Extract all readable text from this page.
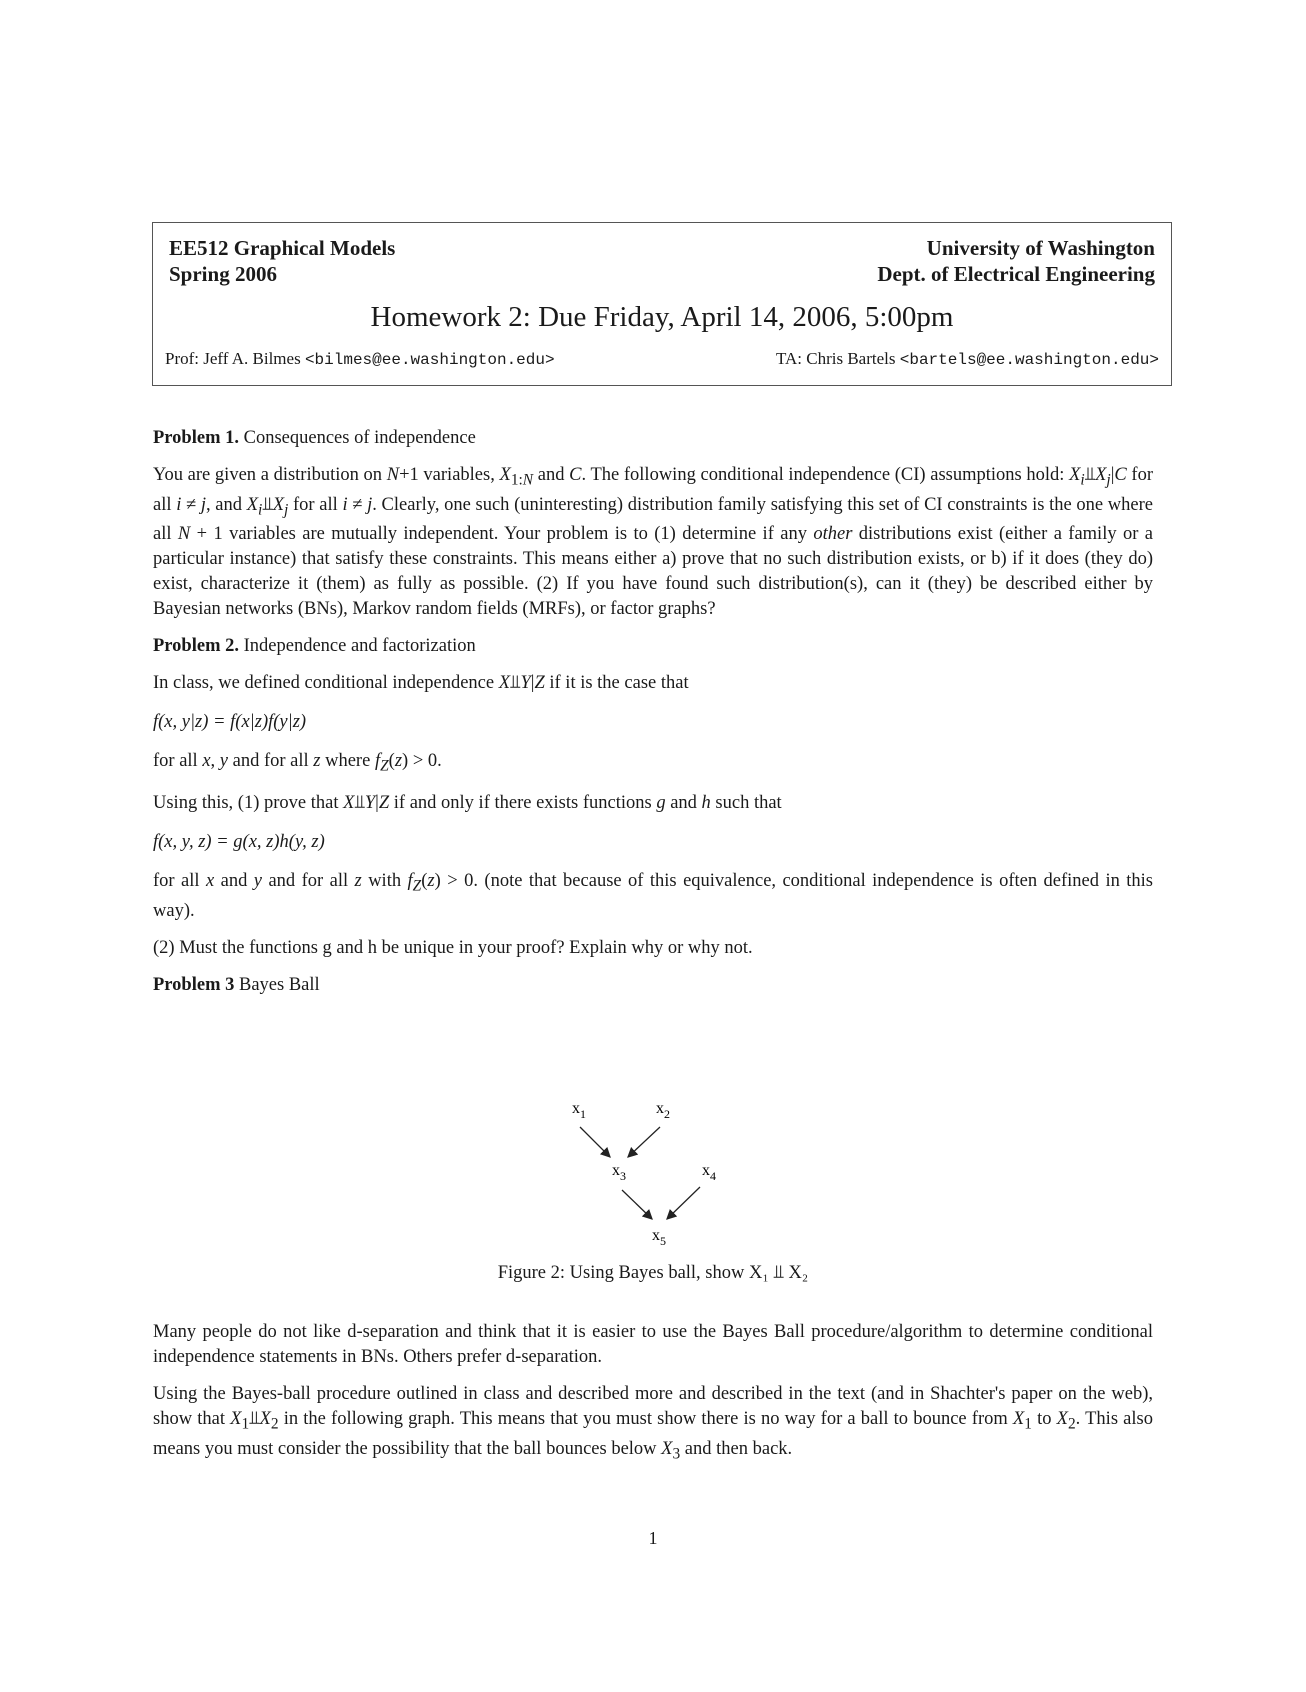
EE512 Graphical Models
Spring 2006
University of Washington
Dept. of Electrical Engineering
Homework 2: Due Friday, April 14, 2006, 5:00pm
Prof: Jeff A. Bilmes <bilmes@ee.washington.edu>	TA: Chris Bartels <bartels@ee.washington.edu>

Problem 1. Consequences of independence

You are given a distribution on N+1 variables, $X_{1:N}$ and C. The following conditional independence (CI) assumptions hold: $X_i⫫X_j|C$ for all i ≠ j, and $X_i⫫X_j$ for all i ≠ j. Clearly, one such (uninteresting) distribution family satisfying this set of CI constraints is the one where all N + 1 variables are mutually independent. Your problem is to (1) determine if any other distributions exist (either a family or a particular instance) that satisfy these constraints. This means either a) prove that no such distribution exists, or b) if it does (they do) exist, characterize it (them) as fully as possible. (2) If you have found such distribution(s), can it (they) be described either by Bayesian networks (BNs), Markov random fields (MRFs), or factor graphs?

Problem 2. Independence and factorization

In class, we defined conditional independence X⫫Y|Z if it is the case that

f(x, y|z) = f(x|z)f(y|z)

for all x, y and for all z where $f_Z(z) > 0$.

Using this, (1) prove that X⫫Y|Z if and only if there exists functions g and h such that

f(x, y, z) = g(x, z)h(y, z)

for all x and y and for all z with $f_Z(z) > 0$. (note that because of this equivalence, conditional independence is often defined in this way).

(2) Must the functions g and h be unique in your proof? Explain why or why not.

Problem 3 Bayes Ball

$x_1$	$x_2$
$x_3$	$x_4$
$x_5$
Figure 2: Using Bayes ball, show X₁ ⫫ X₂

Many people do not like d-separation and think that it is easier to use the Bayes Ball procedure/algorithm to determine conditional independence statements in BNs. Others prefer d-separation.

Using the Bayes-ball procedure outlined in class and described more and described in the text (and in Shachter's paper on the web), show that $X_1⫫X_2$ in the following graph. This means that you must show there is no way for a ball to bounce from $X_1$ to $X_2$. This also means you must consider the possibility that the ball bounces below $X_3$ and then back.

1
